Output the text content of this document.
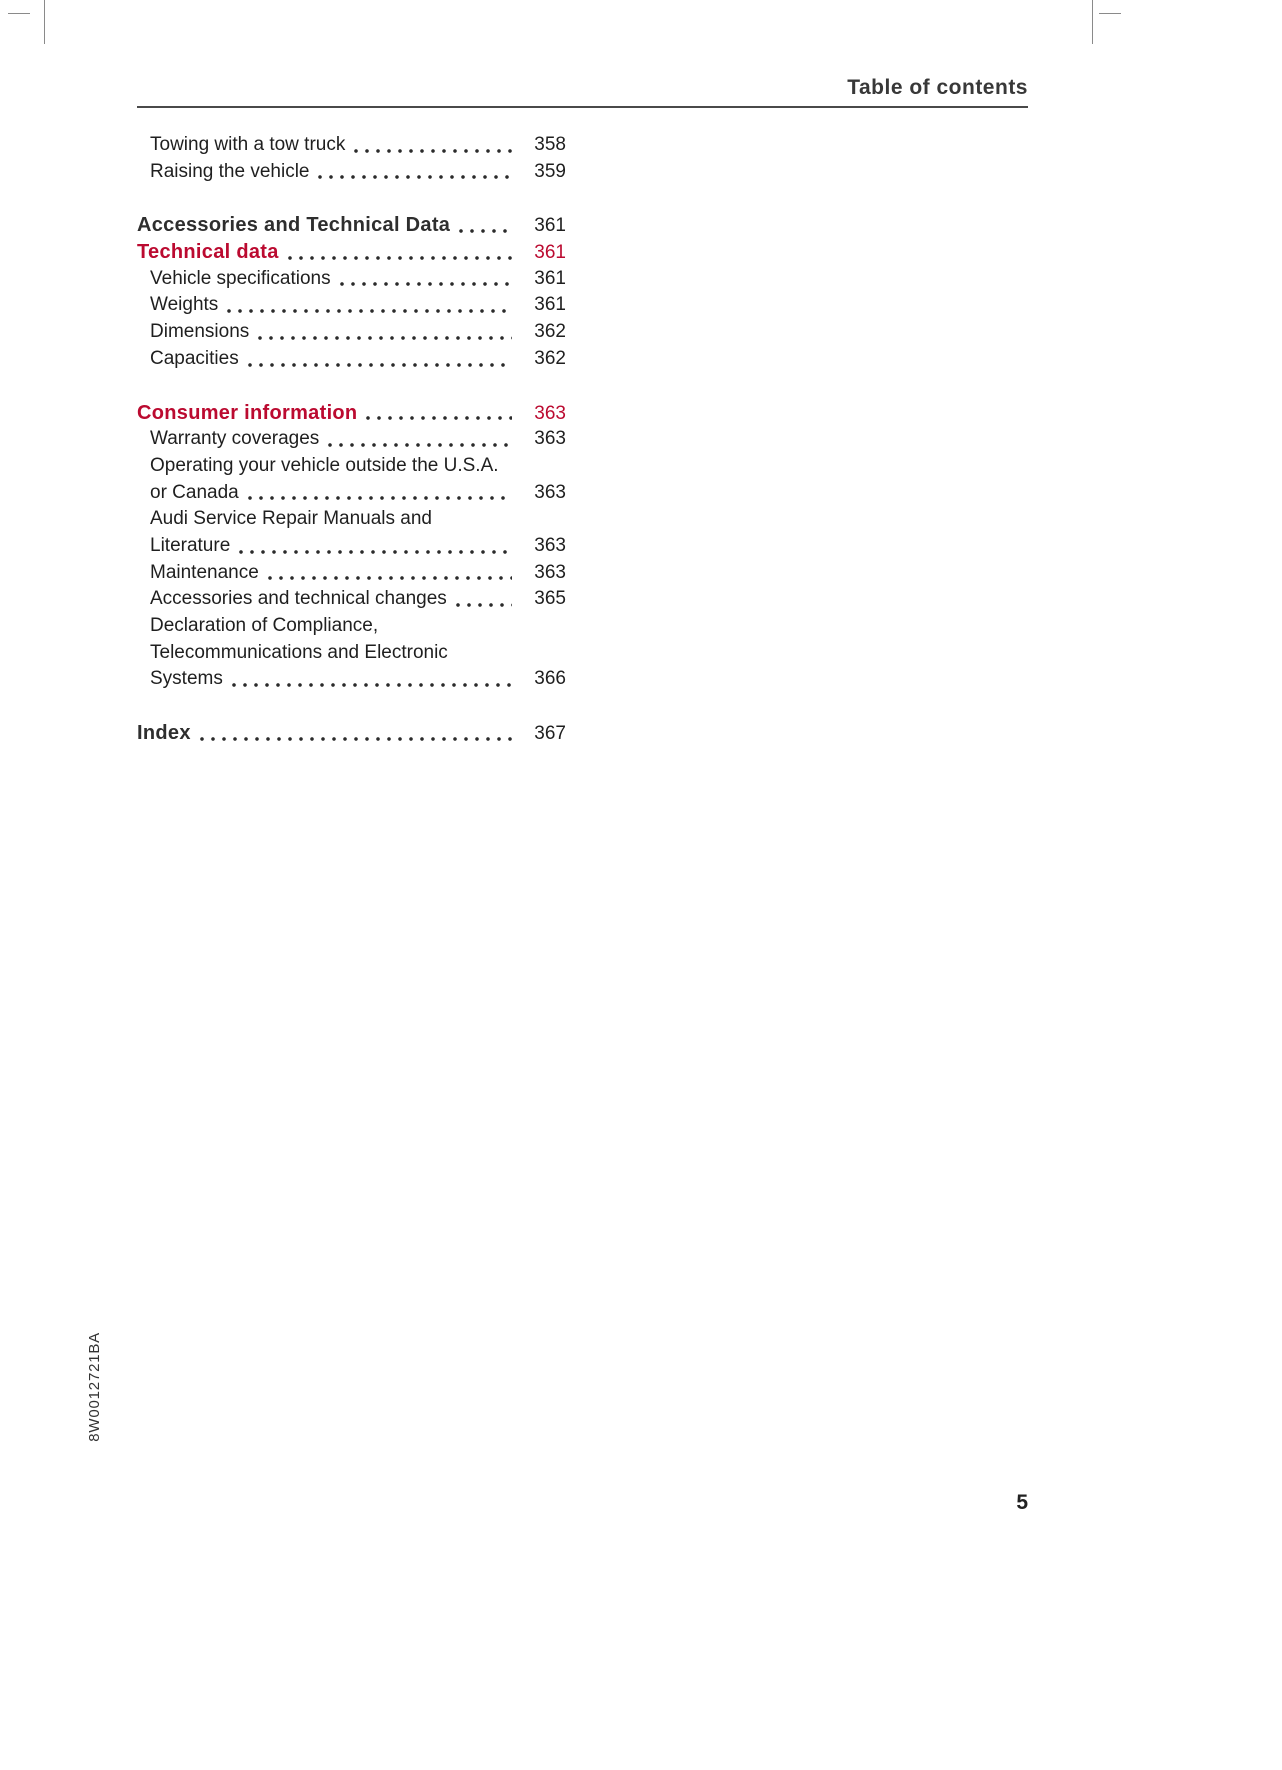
Table of contents
Towing with a tow truck	358
Raising the vehicle	359
Accessories and Technical Data	361
Technical data	361
Vehicle specifications	361
Weights	361
Dimensions	362
Capacities	362
Consumer information	363
Warranty coverages	363
Operating your vehicle outside the U.S.A.
or Canada	363
Audi Service Repair Manuals and
Literature	363
Maintenance	363
Accessories and technical changes	365
Declaration of Compliance,
Telecommunications and Electronic
Systems	366
Index	367
8W0012721BA
5
